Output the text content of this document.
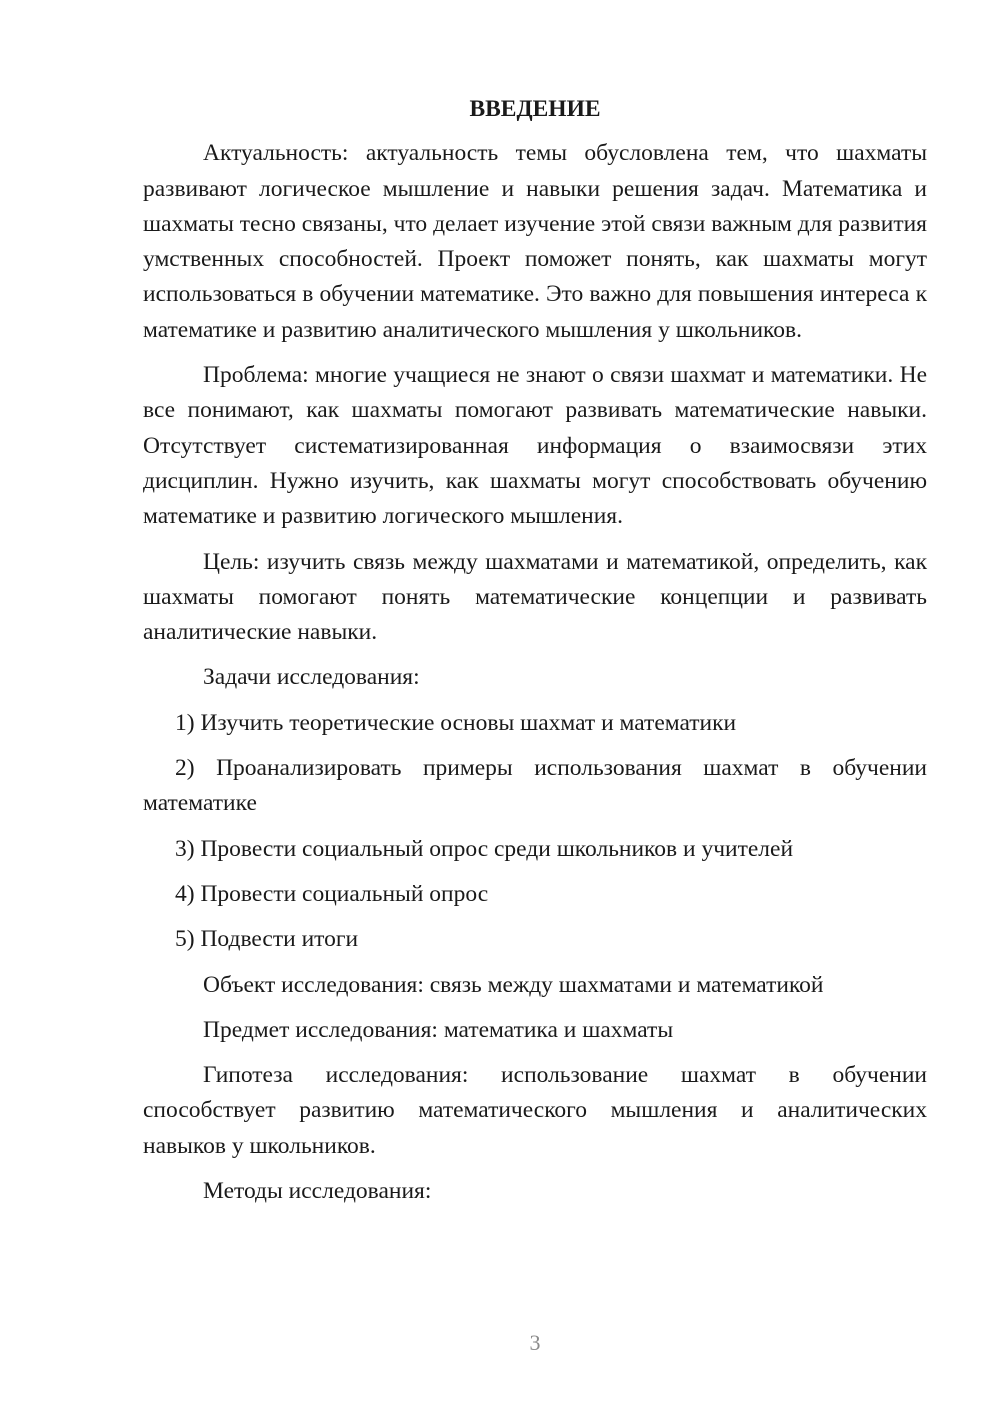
ВВЕДЕНИЕ

Актуальность: актуальность темы обусловлена тем, что шахматы развивают логическое мышление и навыки решения задач. Математика и шахматы тесно связаны, что делает изучение этой связи важным для развития умственных способностей. Проект поможет понять, как шахматы могут использоваться в обучении математике. Это важно для повышения интереса к математике и развитию аналитического мышления у школьников.

Проблема: многие учащиеся не знают о связи шахмат и математики. Не все понимают, как шахматы помогают развивать математические навыки. Отсутствует систематизированная информация о взаимосвязи этих дисциплин. Нужно изучить, как шахматы могут способствовать обучению математике и развитию логического мышления.

Цель: изучить связь между шахматами и математикой, определить, как шахматы помогают понять математические концепции и развивать аналитические навыки.

Задачи исследования:

1) Изучить теоретические основы шахмат и математики

2) Проанализировать примеры использования шахмат в обучении математике

3) Провести социальный опрос среди школьников и учителей

4) Провести социальный опрос

5) Подвести итоги

Объект исследования: связь между шахматами и математикой

Предмет исследования: математика и шахматы

Гипотеза исследования: использование шахмат в обучении способствует развитию математического мышления и аналитических навыков у школьников.

Методы исследования:

3
